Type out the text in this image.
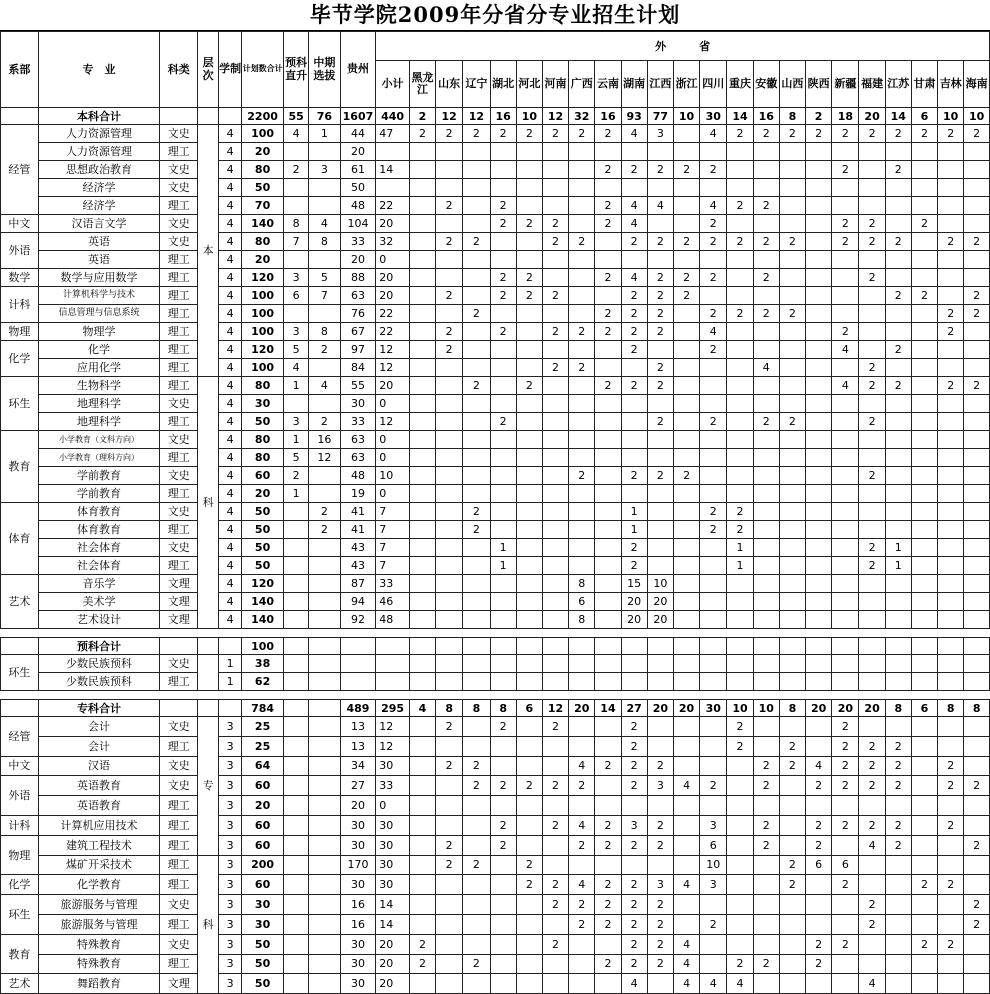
毕节学院2009年分省分专业招生计划
系部	专　业	科类	层次	学制	计划数合计	预科直升	中期选拔	贵州	外　　　省																						
									小计	黑龙江	山东	辽宁	湖北	河北	河南	广西	云南	湖南	江西	浙江	四川	重庆	安徽	山西	陕西	新疆	福建	江苏	甘肃	吉林	海南
	本科合计				2200	55	76	1607	440	2	12	12	16	10	12	32	16	93	77	10	30	14	16	8	2	18	20	14	6	10	10
经管	人力资源管理	文史	本	4	100	4	1	44	47	2	2	2	2	2	2	2	2	4	3		4	2	2	2	2	2	2	2	2	2	2
	人力资源管理	理工		4	20			20																							
	思想政治教育	文史		4	80	2	3	61	14								2	2	2	2	2					2		2			
	经济学	文史		4	50			50																							
	经济学	理工		4	70			48	22		2		2				2	4	4		4	2	2								
中文	汉语言文学	文史		4	140	8	4	104	20				2	2	2		2	4			2					2	2		2		
外语	英语	文史		4	80	7	8	33	32		2	2			2	2		2	2	2	2	2	2	2		2	2	2		2	2
	英语	理工		4	20			20	0																						
数学	数学与应用数学	理工		4	120	3	5	88	20				2	2			2	4	2	2	2		2				2				
计科	计算机科学与技术	理工		4	100	6	7	63	20		2		2	2	2			2	2	2								2	2		2
	信息管理与信息系统	理工		4	100			76	22			2					2	2	2		2	2	2	2						2	2
物理	物理学	理工		4	100	3	8	67	22		2		2		2	2	2	2	2		4					2				2	
化学	化学	理工		4	120	5	2	97	12		2							2			2					4		2			
	应用化学	理工		4	100	4		84	12						2	2			2				4				2				
环生	生物科学	理工	科	4	80	1	4	55	20			2		2			2	2	2							4	2	2		2	2
	地理科学	文史		4	30			30	0																						
	地理科学	理工		4	50	3	2	33	12				2						2		2		2	2			2				
教育	小学教育（文科方向）	文史		4	80	1	16	63	0																						
	小学教育（理科方向）	理工		4	80	5	12	63	0																						
	学前教育	文史		4	60	2		48	10							2		2	2	2							2				
	学前教育	理工		4	20	1		19	0																						
体育	体育教育	文史		4	50		2	41	7			2						1			2	2									
	体育教育	理工		4	50		2	41	7			2						1			2	2									
	社会体育	文史		4	50			43	7				1					2				1					2	1			
	社会体育	理工		4	50			43	7				1					2				1					2	1			
艺术	音乐学	文理		4	120			87	33							8		15	10												
	美术学	文理		4	140			94	46							6		20	20												
	艺术设计	文理		4	140			92	48							8		20	20												

	预科合计				100																										
环生	少数民族预科	文史		1	38																										
	少数民族预科	理工		1	62																										

	专科合计				784			489	295	4	8	8	8	6	12	20	14	27	20	20	30	10	10	8	20	20	20	8	6	8	8
经管	会计	文史	专	3	25			13	12		2		2		2			2				2				2					
	会计	理工		3	25			13	12									2				2		2		2	2	2			
中文	汉语	文史		3	64			34	30		2	2				4	2	2	2				2	2	4	2	2	2		2	
外语	英语教育	文史		3	60			27	33			2	2	2	2	2		2	3	4	2		2		2	2	2	2		2	2
	英语教育	理工		3	20			20	0																						
计科	计算机应用技术	理工		3	60			30	30				2		2	4	2	3	2		3		2		2	2	2	2		2	
物理	建筑工程技术	理工		3	60			30	30		2		2			2	2	2	2		6		2		2		4	2			2
	煤矿开采技术	理工	科	3	200			170	30		2	2		2							10			2	6	6					
化学	化学教育	理工		3	60			30	30					2	2	4	2	2	3	4	3			2		2			2	2	
环生	旅游服务与管理	文史		3	30			16	14						2	2	2	2	2								2				2
	旅游服务与管理	理工		3	30			16	14							2	2	2	2		2						2				2
教育	特殊教育	文史		3	50			30	20	2					2			2	2	4					2	2			2	2	
	特殊教育	理工		3	50			30	20	2		2					2	2	2	4		2	2		2						
艺术	舞蹈教育	文理		3	50			30	20									4		4	4	4					4				
